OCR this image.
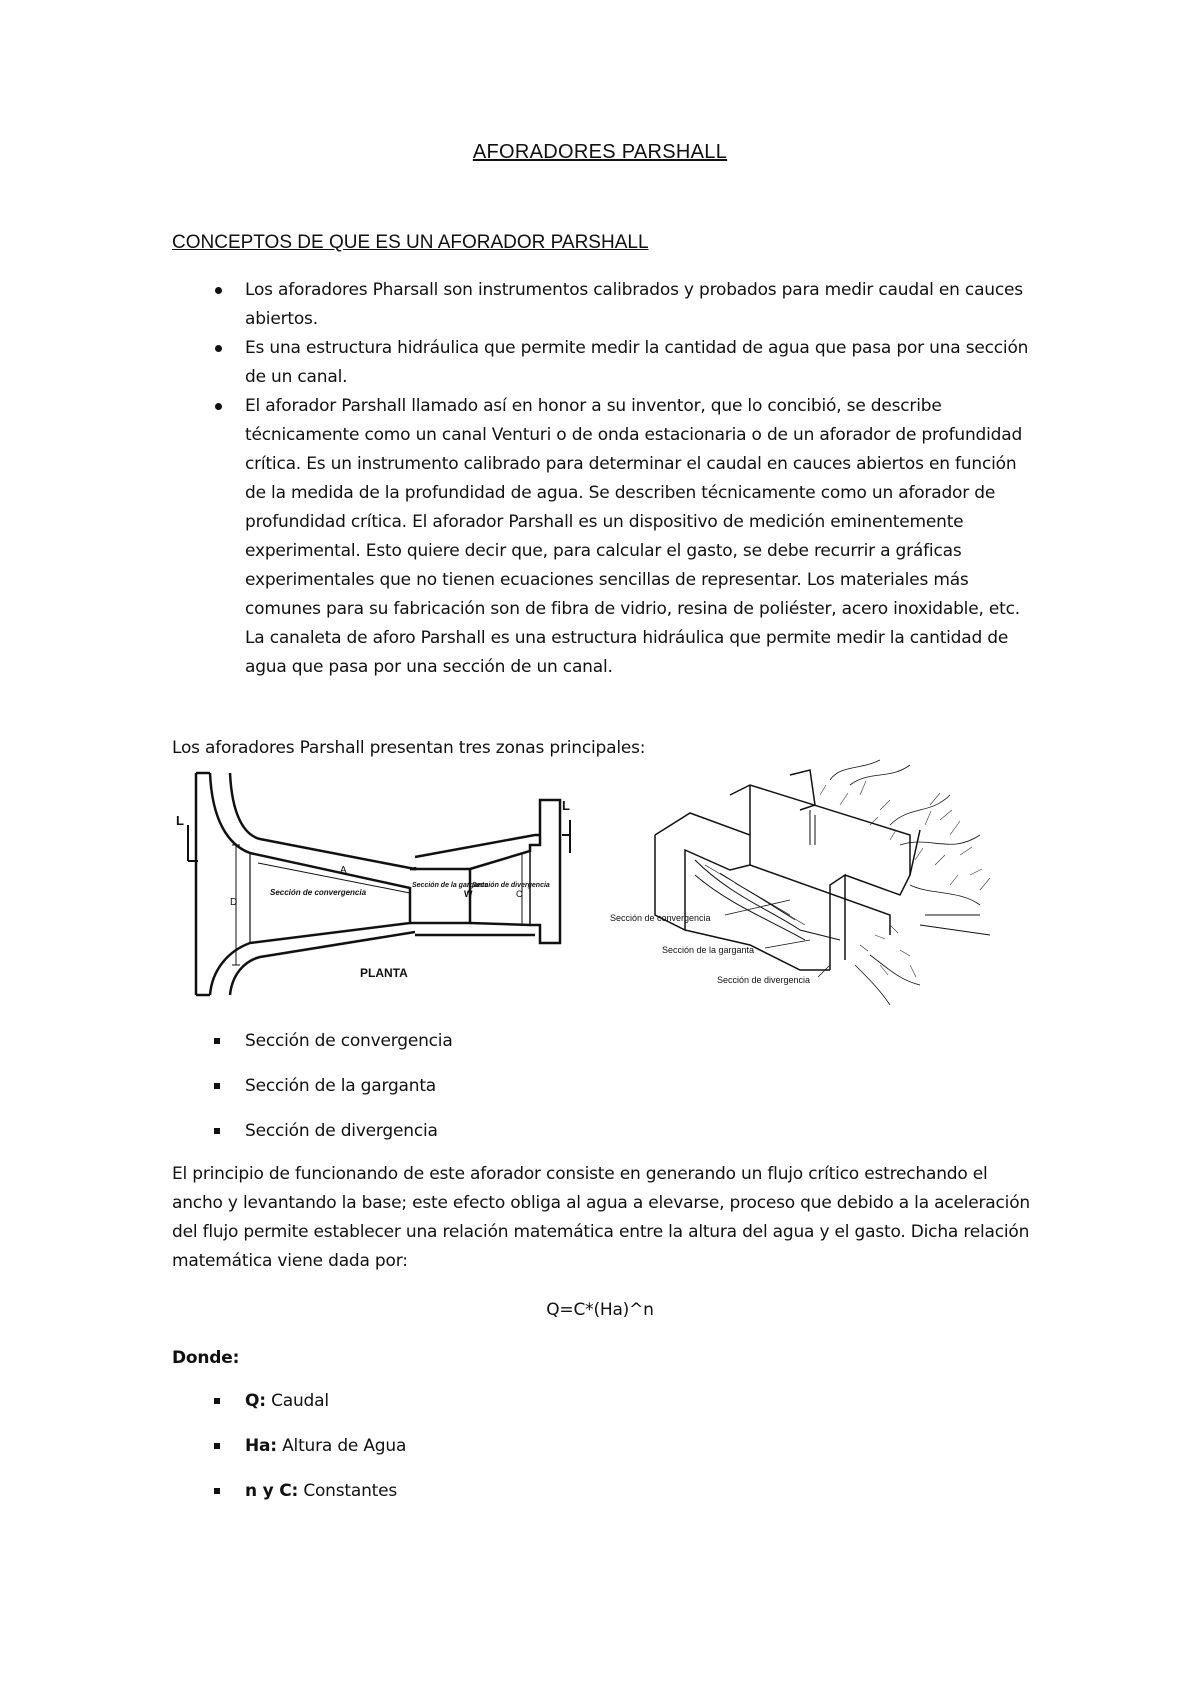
AFORADORES PARSHALL
CONCEPTOS DE QUE ES UN AFORADOR PARSHALL
Los aforadores Pharsall son instrumentos calibrados y probados para medir caudal en cauces abiertos.
Es una estructura hidráulica que permite medir la cantidad de agua que pasa por una sección de un canal.
El aforador Parshall llamado así en honor a su inventor, que lo concibió, se describe técnicamente como un canal Venturi o de onda estacionaria o de un aforador de profundidad crítica. Es un instrumento calibrado para determinar el caudal en cauces abiertos en función de la medida de la profundidad de agua. Se describen técnicamente como un aforador de profundidad crítica. El aforador Parshall es un dispositivo de medición eminentemente experimental. Esto quiere decir que, para calcular el gasto, se debe recurrir a gráficas experimentales que no tienen ecuaciones sencillas de representar. Los materiales más comunes para su fabricación son de fibra de vidrio, resina de poliéster, acero inoxidable, etc. La canaleta de aforo Parshall es una estructura hidráulica que permite medir la cantidad de agua que pasa por una sección de un canal.
Los aforadores Parshall presentan tres zonas principales:
L
L
D
A
W	C
Sección de convergencia
Sección de la garganta
Sección de divergencia
PLANTA
Sección de convergencia
Sección de la garganta
Sección de divergencia
Sección de convergencia
Sección de la garganta
Sección de divergencia
El principio de funcionando de este aforador consiste en generando un flujo crítico estrechando el ancho y levantando la base; este efecto obliga al agua a elevarse, proceso que debido a la aceleración del flujo permite establecer una relación matemática entre la altura del agua y el gasto. Dicha relación matemática viene dada por:
Q=C*(Ha)^n
Donde:
Q: Caudal
Ha: Altura de Agua
n y C: Constantes
